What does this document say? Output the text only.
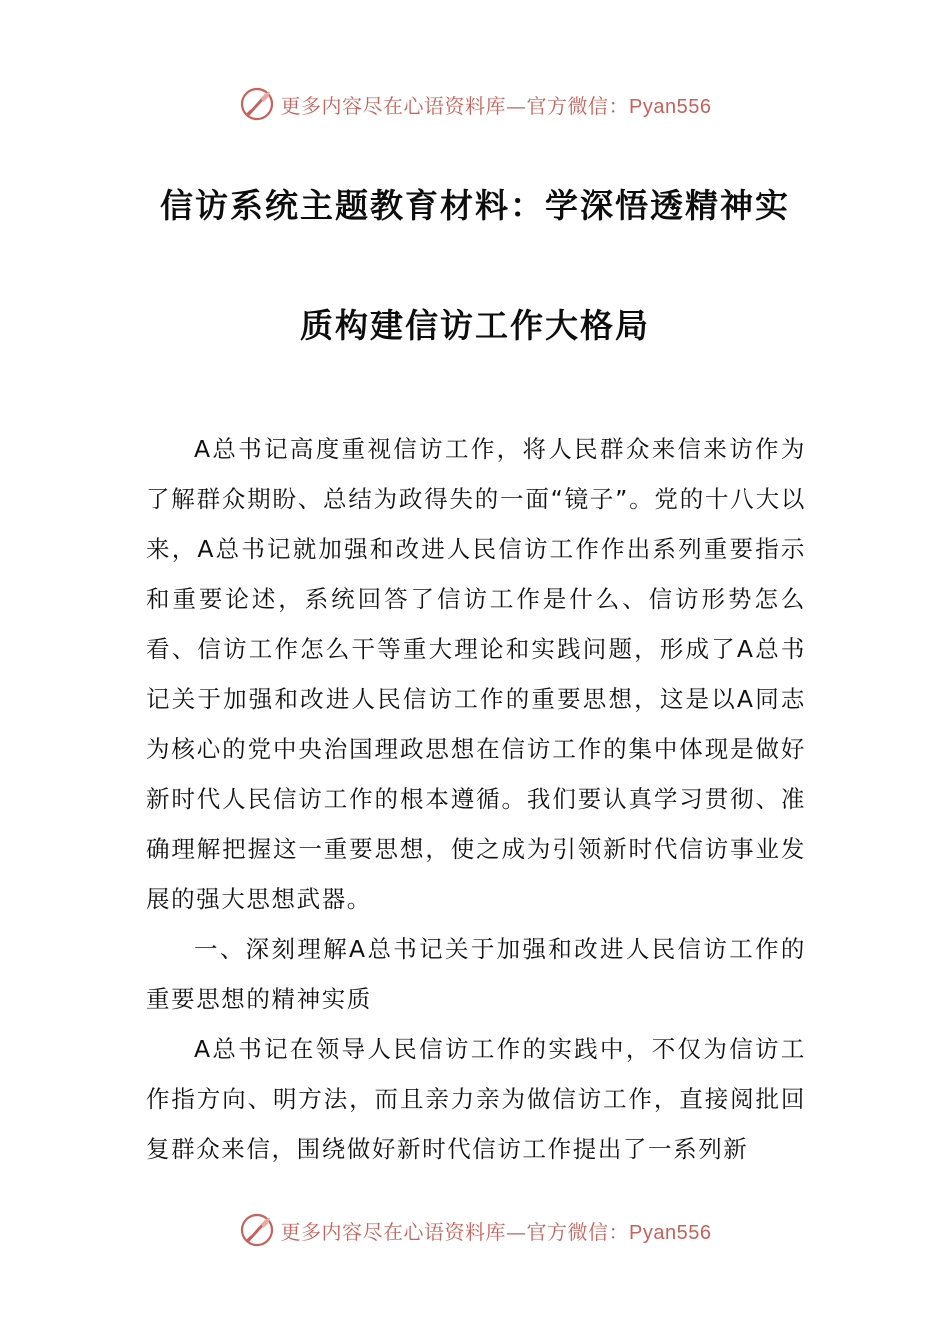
更多内容尽在心语资料库—官方微信：Pyan556
信访系统主题教育材料：学深悟透精神实
质构建信访工作大格局

A总书记高度重视信访工作，将人民群众来信来访作为了解群众期盼、总结为政得失的一面“镜子”。党的十八大以来，A总书记就加强和改进人民信访工作作出系列重要指示和重要论述，系统回答了信访工作是什么、信访形势怎么看、信访工作怎么干等重大理论和实践问题，形成了A总书记关于加强和改进人民信访工作的重要思想，这是以A同志为核心的党中央治国理政思想在信访工作的集中体现是做好新时代人民信访工作的根本遵循。我们要认真学习贯彻、准确理解把握这一重要思想，使之成为引领新时代信访事业发展的强大思想武器。

一、深刻理解A总书记关于加强和改进人民信访工作的重要思想的精神实质

A总书记在领导人民信访工作的实践中，不仅为信访工作指方向、明方法，而且亲力亲为做信访工作，直接阅批回复群众来信，围绕做好新时代信访工作提出了一系列新

更多内容尽在心语资料库—官方微信：Pyan556
